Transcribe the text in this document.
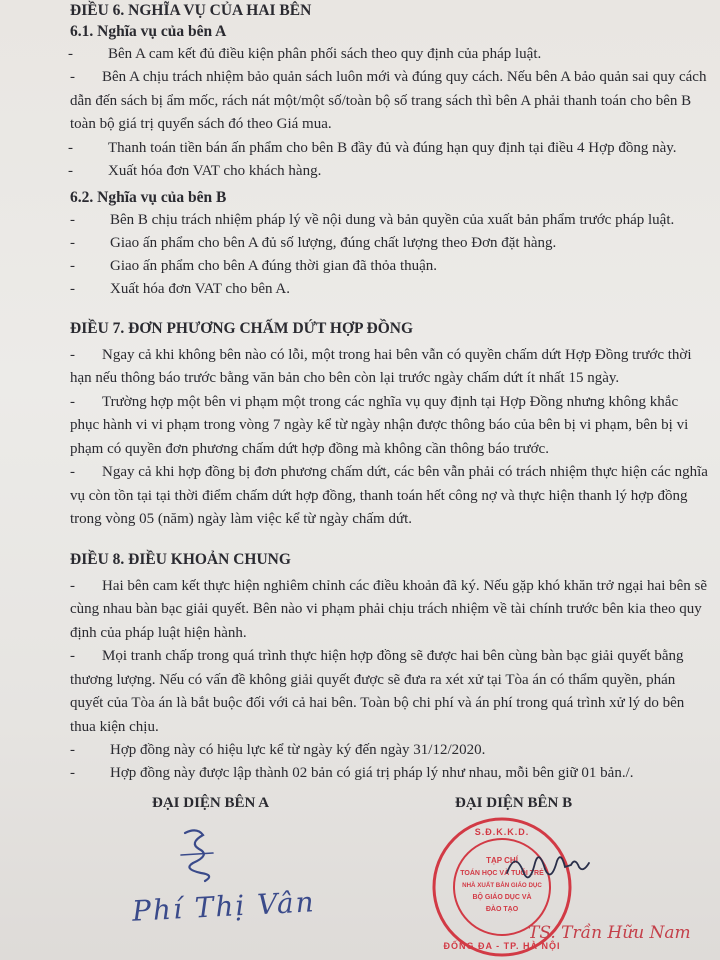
ĐIỀU 6. NGHĨA VỤ CỦA HAI BÊN

6.1. Nghĩa vụ của bên A

-	Bên A cam kết đủ điều kiện phân phối sách theo quy định của pháp luật.

- Bên A chịu trách nhiệm bảo quản sách luôn mới và đúng quy cách. Nếu bên A bảo quản sai quy cách dẫn đến sách bị ẩm mốc, rách nát một/một số/toàn bộ số trang sách thì bên A phải thanh toán cho bên B toàn bộ giá trị quyển sách đó theo Giá mua.

-	Thanh toán tiền bán ấn phẩm cho bên B đầy đủ và đúng hạn quy định tại điều 4 Hợp đồng này.
-	Xuất hóa đơn VAT cho khách hàng.

6.2. Nghĩa vụ của bên B

-	Bên B chịu trách nhiệm pháp lý về nội dung và bản quyền của xuất bản phẩm trước pháp luật.
-	Giao ấn phẩm cho bên A đủ số lượng, đúng chất lượng theo Đơn đặt hàng.
-	Giao ấn phẩm cho bên A đúng thời gian đã thỏa thuận.
-	Xuất hóa đơn VAT cho bên A.

ĐIỀU 7. ĐƠN PHƯƠNG CHẤM DỨT HỢP ĐỒNG

- Ngay cả khi không bên nào có lỗi, một trong hai bên vẫn có quyền chấm dứt Hợp Đồng trước thời hạn nếu thông báo trước bằng văn bản cho bên còn lại trước ngày chấm dứt ít nhất 15 ngày.

- Trường hợp một bên vi phạm một trong các nghĩa vụ quy định tại Hợp Đồng nhưng không khắc phục hành vi vi phạm trong vòng 7 ngày kể từ ngày nhận được thông báo của bên bị vi phạm, bên bị vi phạm có quyền đơn phương chấm dứt hợp đồng mà không cần thông báo trước.

- Ngay cả khi hợp đồng bị đơn phương chấm dứt, các bên vẫn phải có trách nhiệm thực hiện các nghĩa vụ còn tồn tại tại thời điểm chấm dứt hợp đồng, thanh toán hết công nợ và thực hiện thanh lý hợp đồng trong vòng 05 (năm) ngày làm việc kể từ ngày chấm dứt.

ĐIỀU 8. ĐIỀU KHOẢN CHUNG

- Hai bên cam kết thực hiện nghiêm chỉnh các điều khoản đã ký. Nếu gặp khó khăn trở ngại hai bên sẽ cùng nhau bàn bạc giải quyết. Bên nào vi phạm phải chịu trách nhiệm về tài chính trước bên kia theo quy định của pháp luật hiện hành.

- Mọi tranh chấp trong quá trình thực hiện hợp đồng sẽ được hai bên cùng bàn bạc giải quyết bằng thương lượng. Nếu có vấn đề không giải quyết được sẽ đưa ra xét xử tại Tòa án có thẩm quyền, phán quyết của Tòa án là bắt buộc đối với cả hai bên. Toàn bộ chi phí và án phí trong quá trình xử lý do bên thua kiện chịu.

-	Hợp đồng này có hiệu lực kể từ ngày ký đến ngày 31/12/2020.
-	Hợp đồng này được lập thành 02 bản có giá trị pháp lý như nhau, mỗi bên giữ 01 bản./.
ĐẠI DIỆN BÊN A	ĐẠI DIỆN BÊN B
Phí Thị Vân
S.Đ.K.K.D.
ĐỐNG ĐA - TP. HÀ NỘI
TẠP CHÍ
TOÁN HỌC VÀ TUỔI TRẺ
NHÀ XUẤT BẢN GIÁO DỤC
BỘ GIÁO DỤC VÀ
ĐÀO TẠO
TS. Trần Hữu Nam
